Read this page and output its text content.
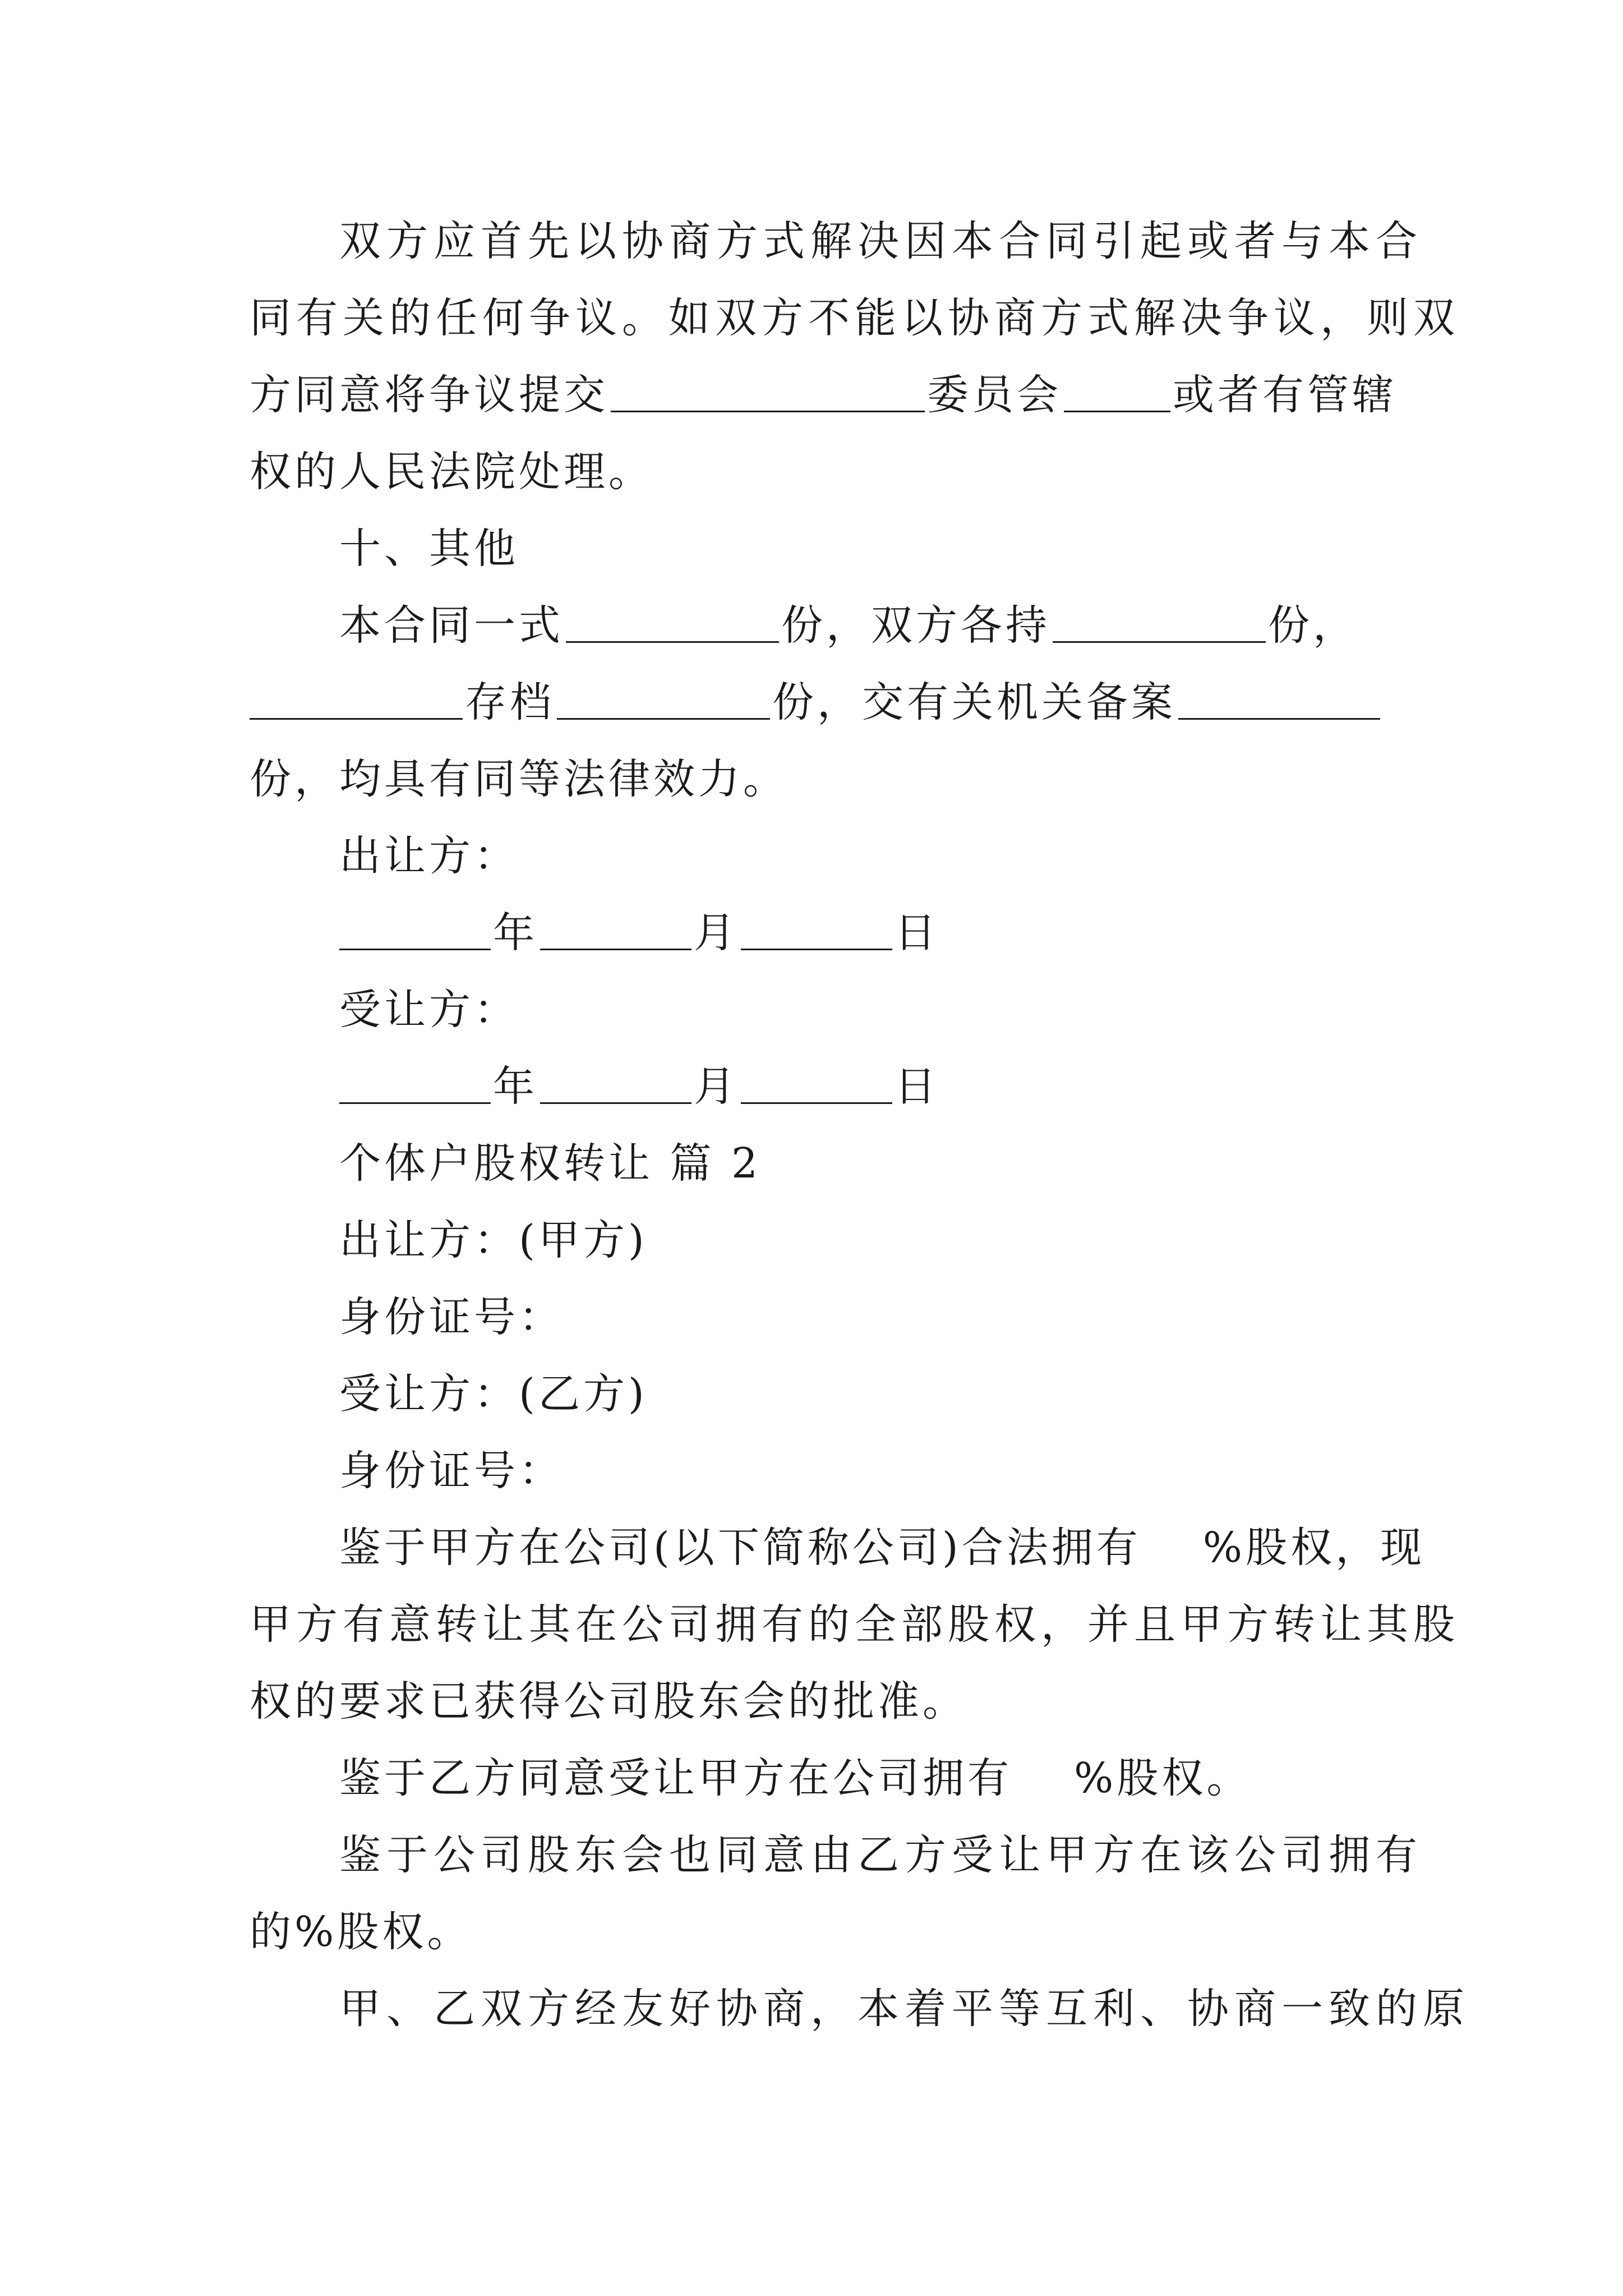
双方应首先以协商方式解决因本合同引起或者与本合
同有关的任何争议。如双方不能以协商方式解决争议，则双
方同意将争议提交	委员会	或者有管辖
权的人民法院处理。
十、其他
本合同一式	份，双方各持	份，
存档	份，交有关机关备案
份，均具有同等法律效力。
出让方：
年	月	日
受让方：
年	月	日
个体户股权转让 篇 2
出让方：(甲方)
身份证号：
受让方：(乙方)
身份证号：
鉴于甲方在公司(以下简称公司)合法拥有 %股权，现
甲方有意转让其在公司拥有的全部股权，并且甲方转让其股
权的要求已获得公司股东会的批准。
鉴于乙方同意受让甲方在公司拥有 %股权。
鉴于公司股东会也同意由乙方受让甲方在该公司拥有
的%股权。
甲、乙双方经友好协商，本着平等互利、协商一致的原
